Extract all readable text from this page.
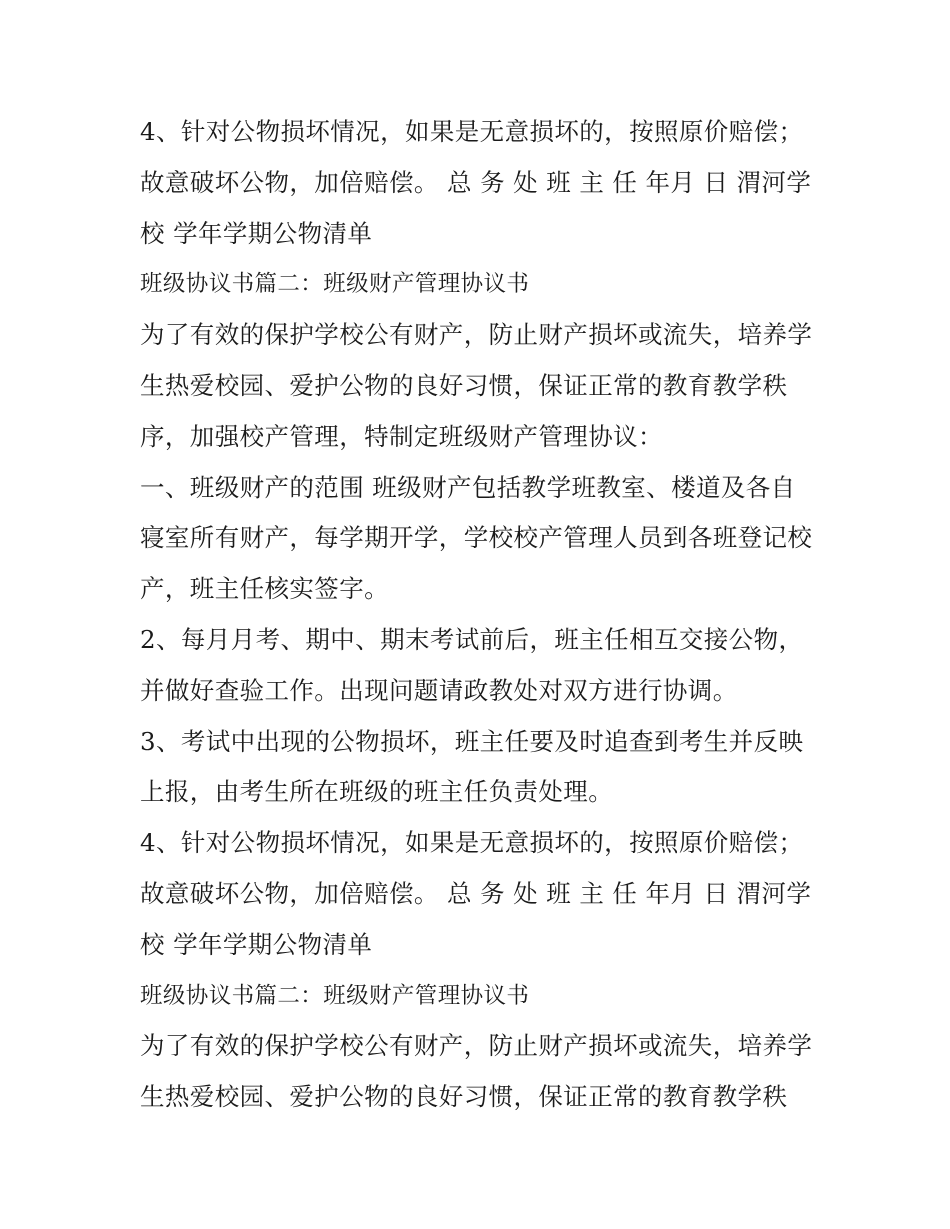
4、针对公物损坏情况，如果是无意损坏的，按照原价赔偿；
故意破坏公物，加倍赔偿。 总 务 处 班 主 任 年月 日 渭河学
校 学年学期公物清单
班级协议书篇二：班级财产管理协议书
为了有效的保护学校公有财产，防止财产损坏或流失，培养学
生热爱校园、爱护公物的良好习惯，保证正常的教育教学秩
序，加强校产管理，特制定班级财产管理协议：
一、班级财产的范围 班级财产包括教学班教室、楼道及各自
寝室所有财产，每学期开学，学校校产管理人员到各班登记校
产，班主任核实签字。
2、每月月考、期中、期末考试前后，班主任相互交接公物，
并做好查验工作。出现问题请政教处对双方进行协调。
3、考试中出现的公物损坏，班主任要及时追查到考生并反映
上报，由考生所在班级的班主任负责处理。
4、针对公物损坏情况，如果是无意损坏的，按照原价赔偿；
故意破坏公物，加倍赔偿。 总 务 处 班 主 任 年月 日 渭河学
校 学年学期公物清单
班级协议书篇二：班级财产管理协议书
为了有效的保护学校公有财产，防止财产损坏或流失，培养学
生热爱校园、爱护公物的良好习惯，保证正常的教育教学秩
